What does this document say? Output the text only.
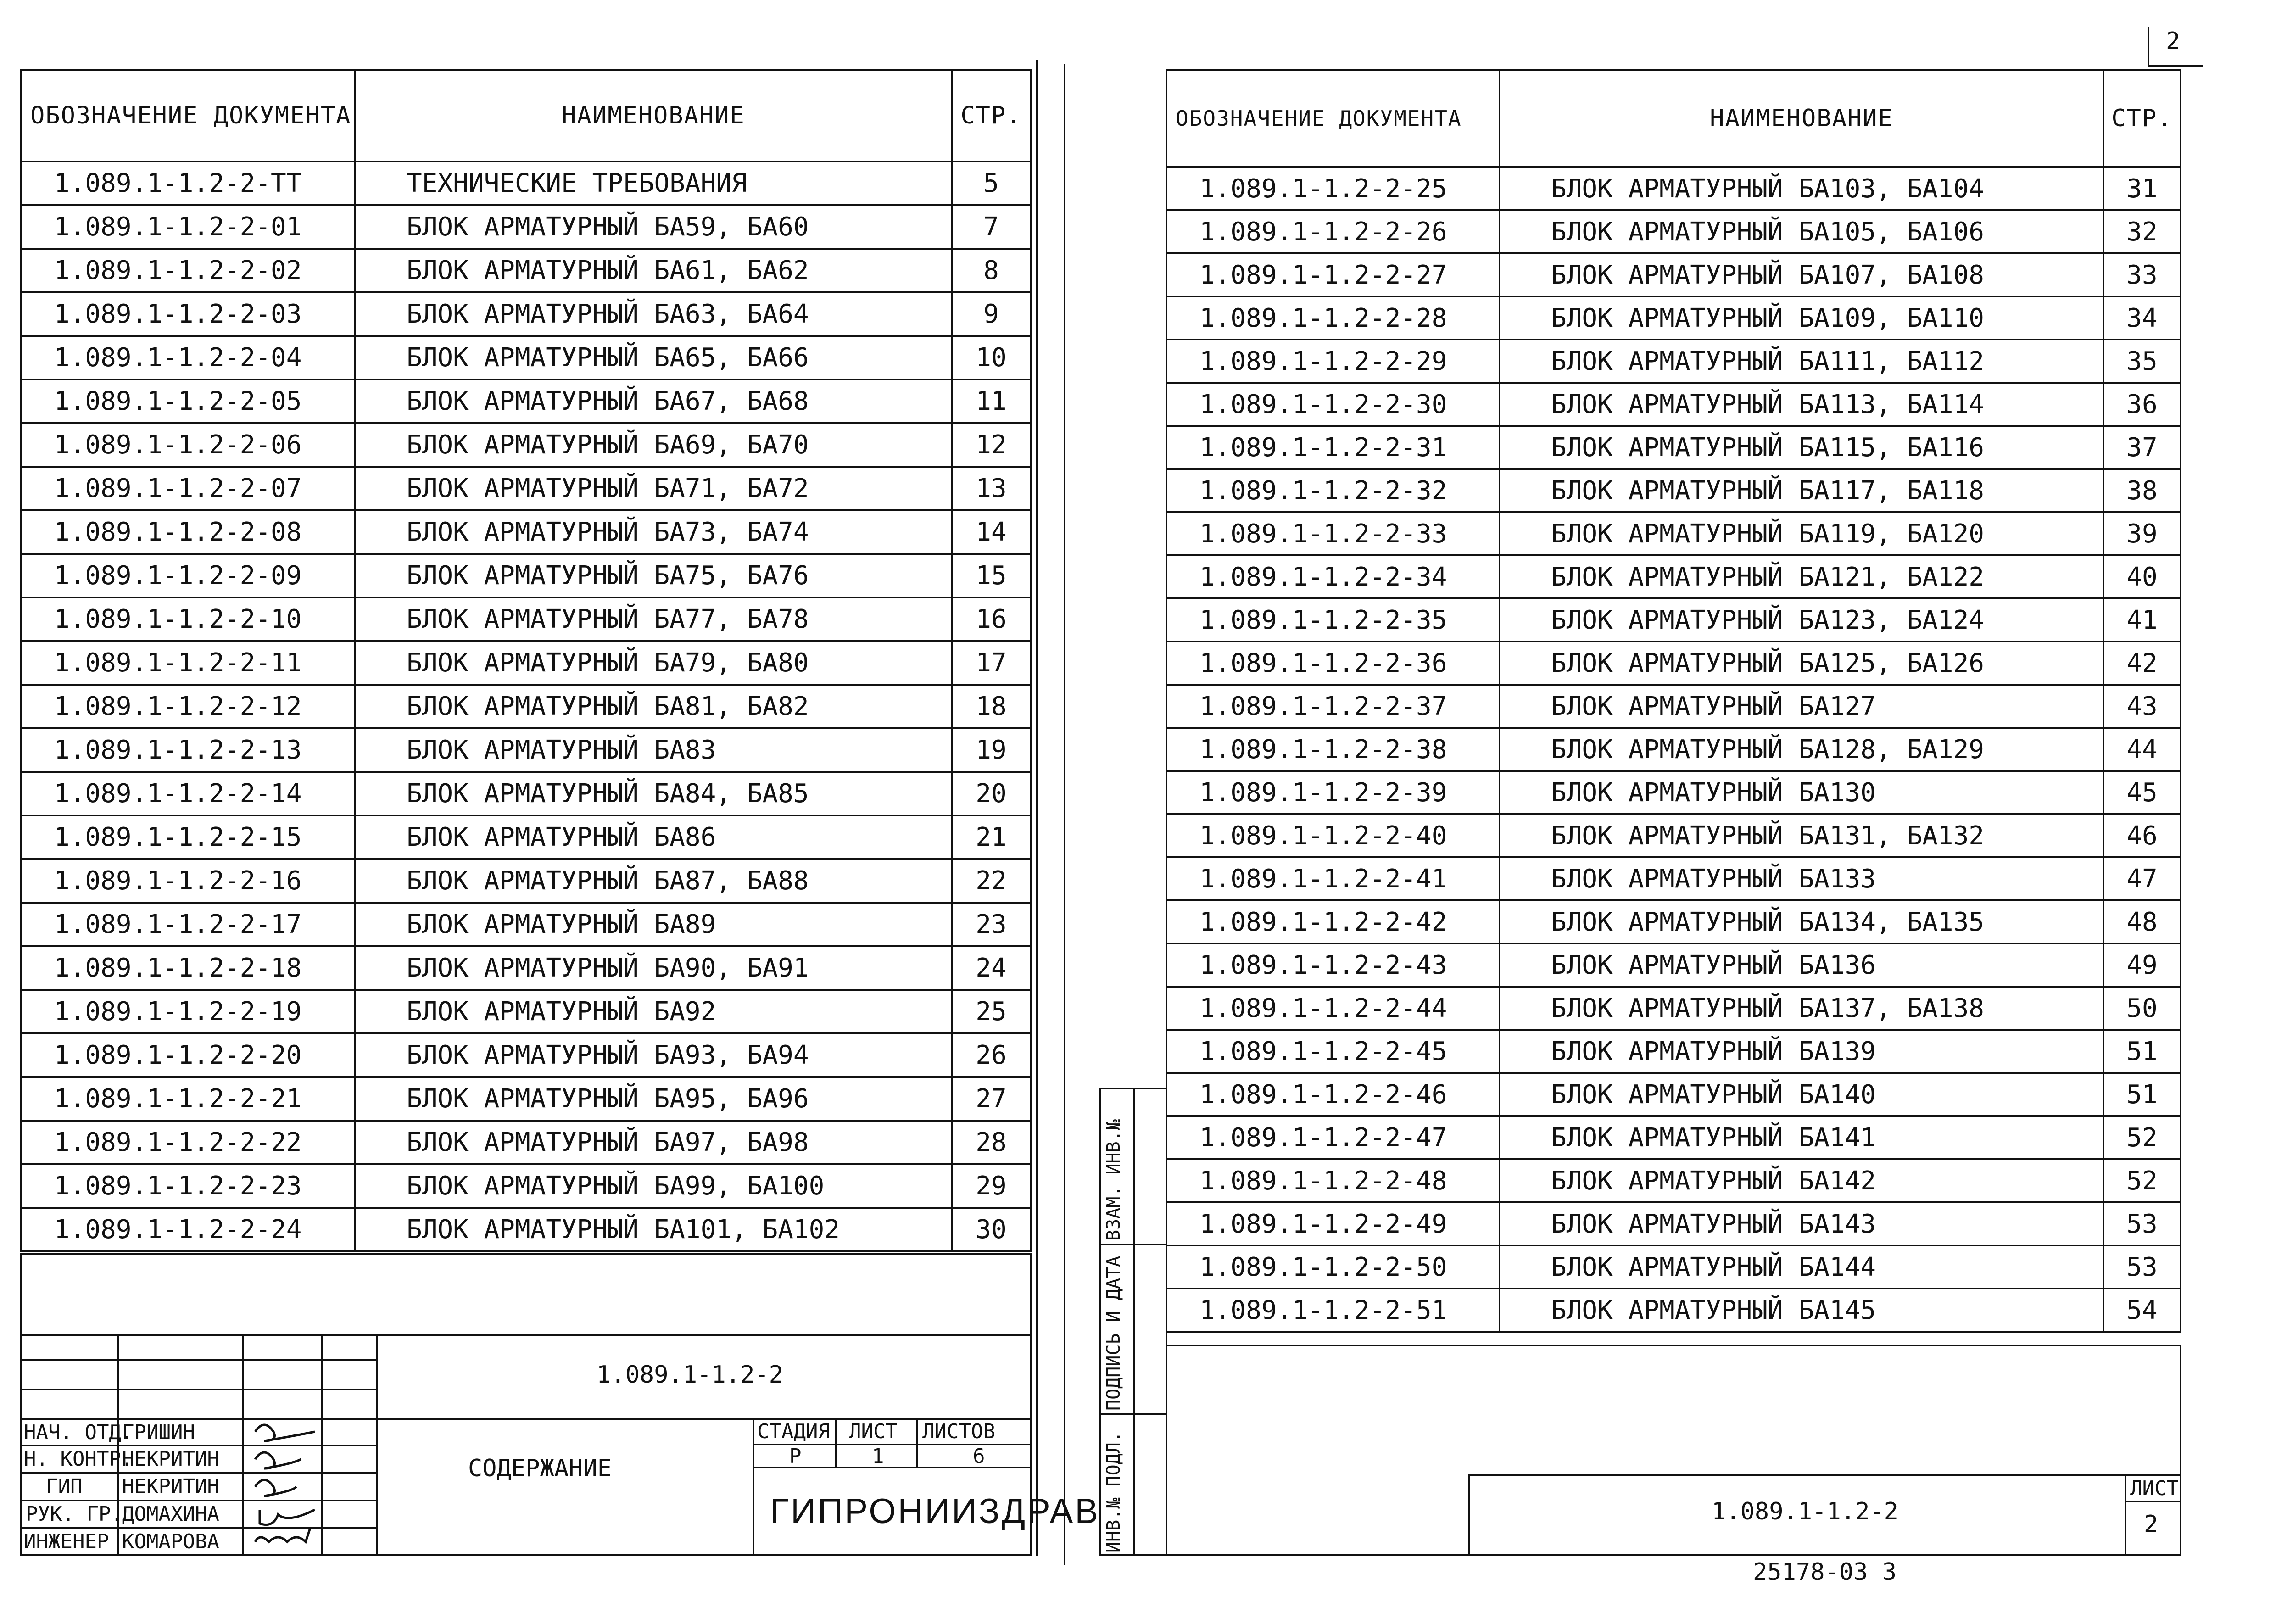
2
ОБОЗНАЧЕНИЕ ДОКУМЕНТА	НАИМЕНОВАНИЕ	СТР.
1.089.1-1.2-2-ТТ	ТЕХНИЧЕСКИЕ ТРЕБОВАНИЯ	5
1.089.1-1.2-2-01	БЛОК АРМАТУРНЫЙ БА59, БА60	7
1.089.1-1.2-2-02	БЛОК АРМАТУРНЫЙ БА61, БА62	8
1.089.1-1.2-2-03	БЛОК АРМАТУРНЫЙ БА63, БА64	9
1.089.1-1.2-2-04	БЛОК АРМАТУРНЫЙ БА65, БА66	10
1.089.1-1.2-2-05	БЛОК АРМАТУРНЫЙ БА67, БА68	11
1.089.1-1.2-2-06	БЛОК АРМАТУРНЫЙ БА69, БА70	12
1.089.1-1.2-2-07	БЛОК АРМАТУРНЫЙ БА71, БА72	13
1.089.1-1.2-2-08	БЛОК АРМАТУРНЫЙ БА73, БА74	14
1.089.1-1.2-2-09	БЛОК АРМАТУРНЫЙ БА75, БА76	15
1.089.1-1.2-2-10	БЛОК АРМАТУРНЫЙ БА77, БА78	16
1.089.1-1.2-2-11	БЛОК АРМАТУРНЫЙ БА79, БА80	17
1.089.1-1.2-2-12	БЛОК АРМАТУРНЫЙ БА81, БА82	18
1.089.1-1.2-2-13	БЛОК АРМАТУРНЫЙ БА83	19
1.089.1-1.2-2-14	БЛОК АРМАТУРНЫЙ БА84, БА85	20
1.089.1-1.2-2-15	БЛОК АРМАТУРНЫЙ БА86	21
1.089.1-1.2-2-16	БЛОК АРМАТУРНЫЙ БА87, БА88	22
1.089.1-1.2-2-17	БЛОК АРМАТУРНЫЙ БА89	23
1.089.1-1.2-2-18	БЛОК АРМАТУРНЫЙ БА90, БА91	24
1.089.1-1.2-2-19	БЛОК АРМАТУРНЫЙ БА92	25
1.089.1-1.2-2-20	БЛОК АРМАТУРНЫЙ БА93, БА94	26
1.089.1-1.2-2-21	БЛОК АРМАТУРНЫЙ БА95, БА96	27
1.089.1-1.2-2-22	БЛОК АРМАТУРНЫЙ БА97, БА98	28
1.089.1-1.2-2-23	БЛОК АРМАТУРНЫЙ БА99, БА100	29
1.089.1-1.2-2-24	БЛОК АРМАТУРНЫЙ БА101, БА102	30
НАЧ. ОТД.
ГРИШИН
Н. КОНТР.
НЕКРИТИН
ГИП НЕКРИТИН
РУК. ГР.
ДОМАХИНА
ИНЖЕНЕР КОМАРОВА
1.089.1-1.2-2
СОДЕРЖАНИЕ
СТАДИЯ ЛИСТ ЛИСТОВ
Р	1	6
ГИПРОНИИЗДРАВ
ОБОЗНАЧЕНИЕ ДОКУМЕНТА	НАИМЕНОВАНИЕ	СТР.
1.089.1-1.2-2-25	БЛОК АРМАТУРНЫЙ БА103, БА104	31
1.089.1-1.2-2-26	БЛОК АРМАТУРНЫЙ БА105, БА106	32
1.089.1-1.2-2-27	БЛОК АРМАТУРНЫЙ БА107, БА108	33
1.089.1-1.2-2-28	БЛОК АРМАТУРНЫЙ БА109, БА110	34
1.089.1-1.2-2-29	БЛОК АРМАТУРНЫЙ БА111, БА112	35
1.089.1-1.2-2-30	БЛОК АРМАТУРНЫЙ БА113, БА114	36
1.089.1-1.2-2-31	БЛОК АРМАТУРНЫЙ БА115, БА116	37
1.089.1-1.2-2-32	БЛОК АРМАТУРНЫЙ БА117, БА118	38
1.089.1-1.2-2-33	БЛОК АРМАТУРНЫЙ БА119, БА120	39
1.089.1-1.2-2-34	БЛОК АРМАТУРНЫЙ БА121, БА122	40
1.089.1-1.2-2-35	БЛОК АРМАТУРНЫЙ БА123, БА124	41
1.089.1-1.2-2-36	БЛОК АРМАТУРНЫЙ БА125, БА126	42
1.089.1-1.2-2-37	БЛОК АРМАТУРНЫЙ БА127	43
1.089.1-1.2-2-38	БЛОК АРМАТУРНЫЙ БА128, БА129	44
1.089.1-1.2-2-39	БЛОК АРМАТУРНЫЙ БА130	45
1.089.1-1.2-2-40	БЛОК АРМАТУРНЫЙ БА131, БА132	46
1.089.1-1.2-2-41	БЛОК АРМАТУРНЫЙ БА133	47
1.089.1-1.2-2-42	БЛОК АРМАТУРНЫЙ БА134, БА135	48
1.089.1-1.2-2-43	БЛОК АРМАТУРНЫЙ БА136	49
1.089.1-1.2-2-44	БЛОК АРМАТУРНЫЙ БА137, БА138	50
1.089.1-1.2-2-45	БЛОК АРМАТУРНЫЙ БА139	51
1.089.1-1.2-2-46	БЛОК АРМАТУРНЫЙ БА140	51
1.089.1-1.2-2-47	БЛОК АРМАТУРНЫЙ БА141	52
1.089.1-1.2-2-48	БЛОК АРМАТУРНЫЙ БА142	52
1.089.1-1.2-2-49	БЛОК АРМАТУРНЫЙ БА143	53
1.089.1-1.2-2-50	БЛОК АРМАТУРНЫЙ БА144	53
1.089.1-1.2-2-51	БЛОК АРМАТУРНЫЙ БА145	54
1.089.1-1.2-2
ЛИСТ
2
ИНВ.№ ПОДЛ.
ПОДПИСЬ И ДАТА
ВЗАМ. ИНВ.№
25178-03 3
